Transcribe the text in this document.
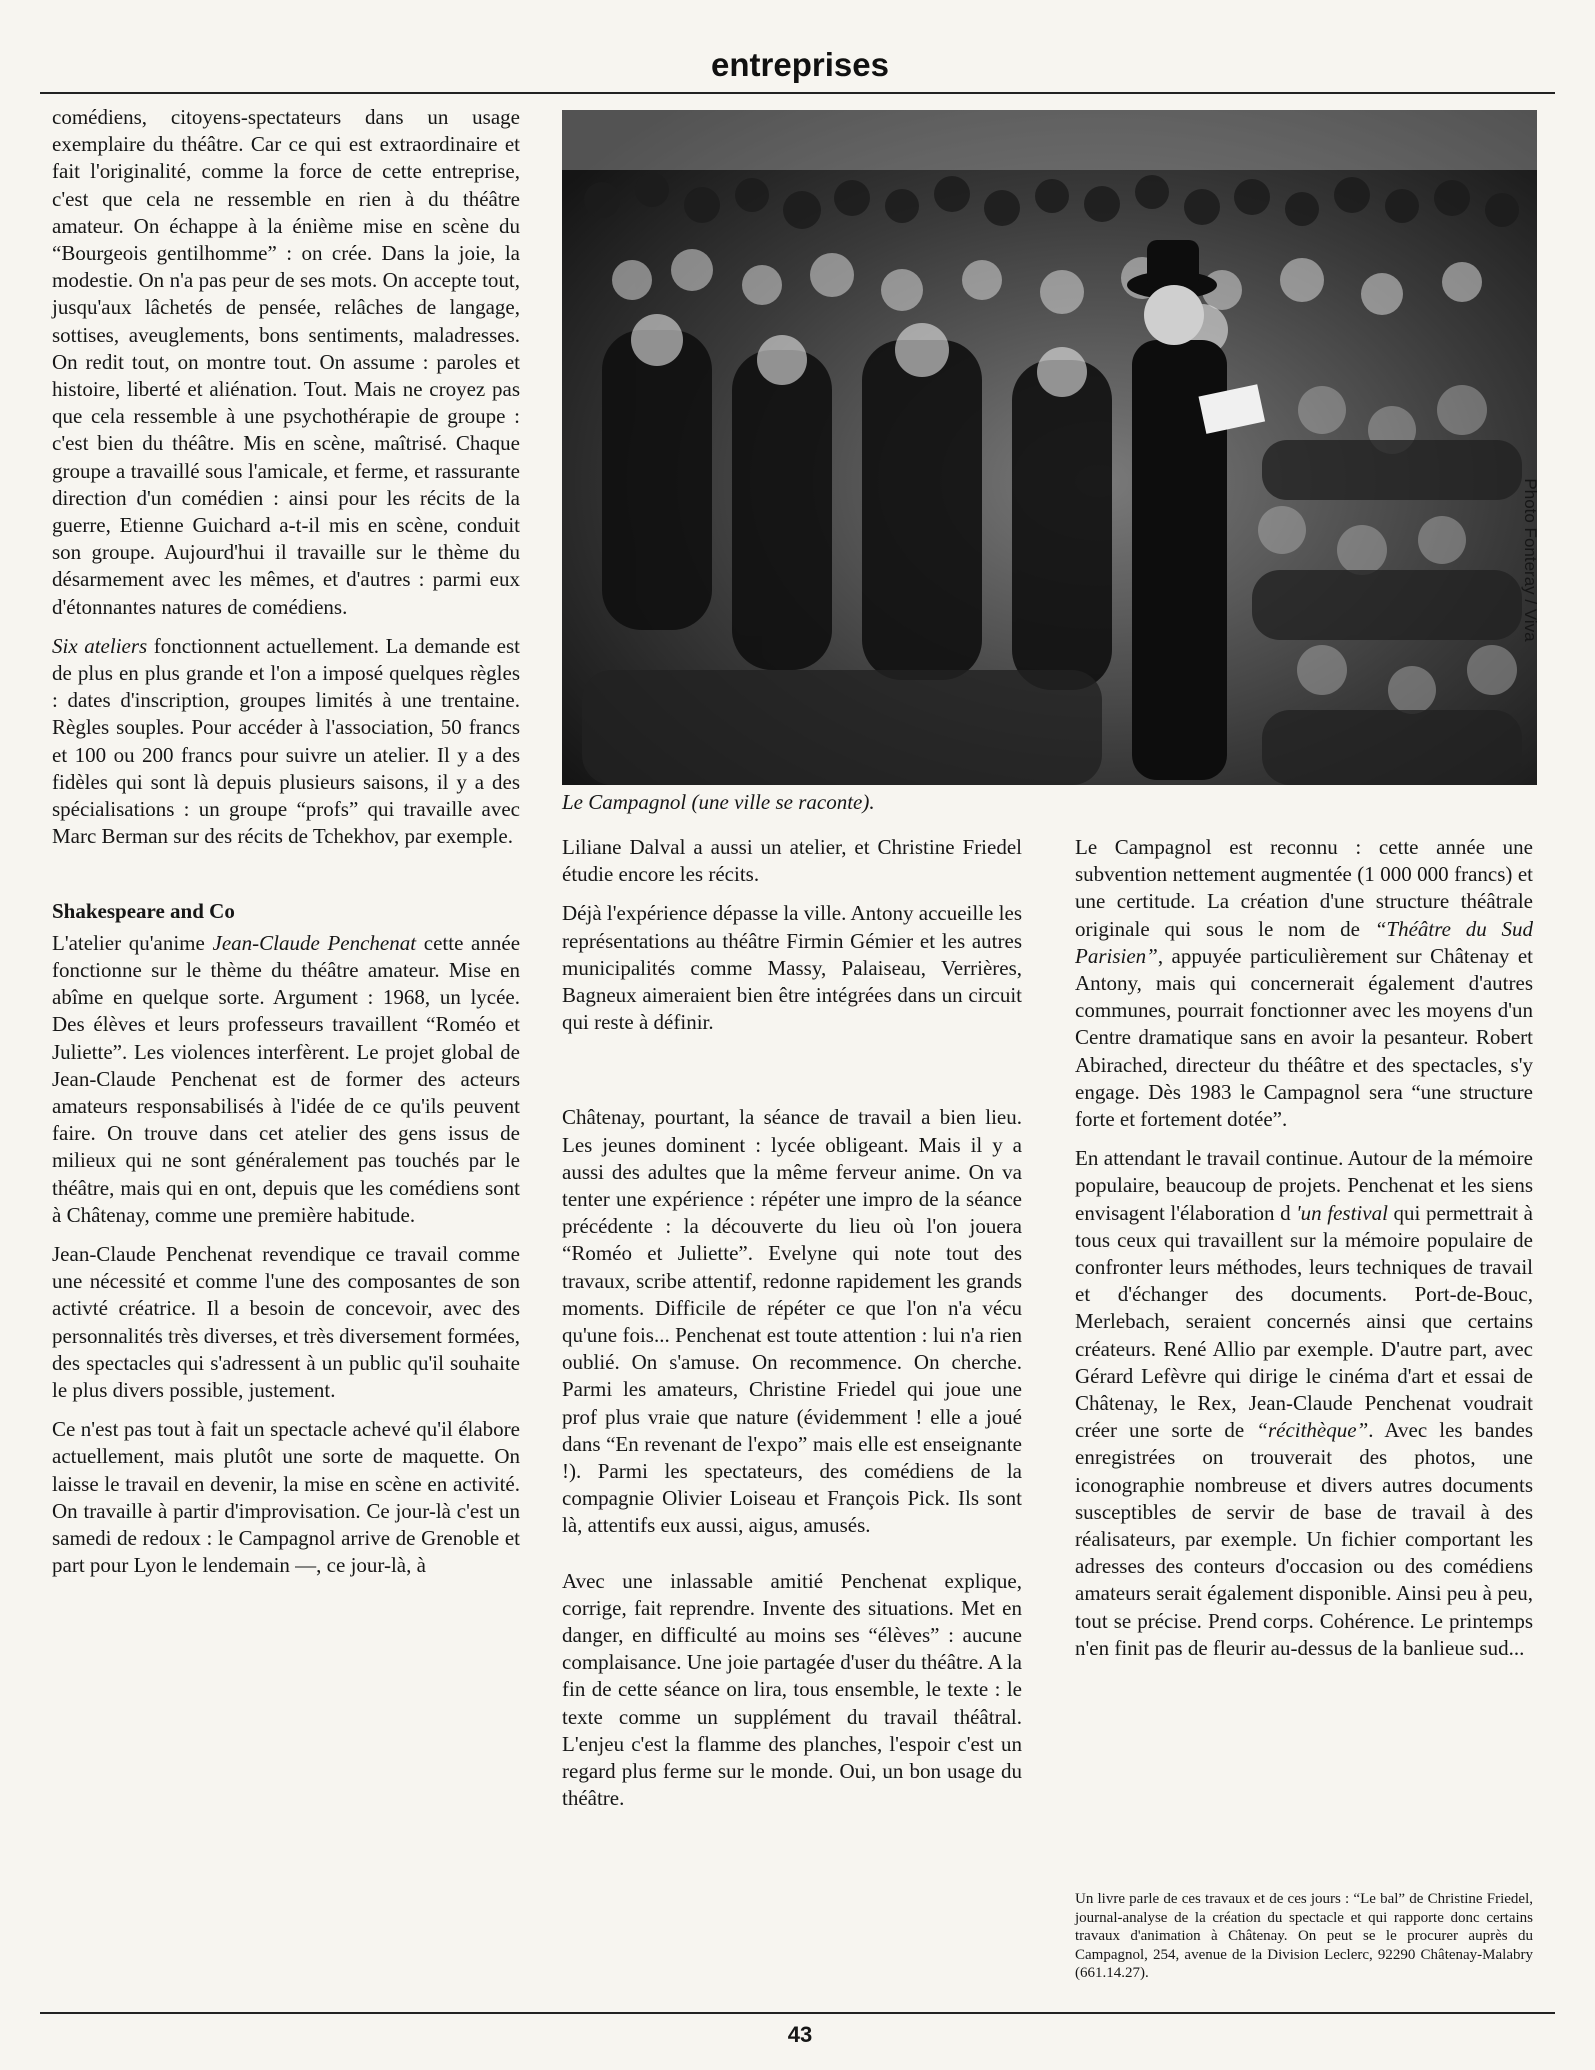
entreprises

comédiens, citoyens-spectateurs dans un usage exemplaire du théâtre. Car ce qui est extraordinaire et fait l'originalité, comme la force de cette entreprise, c'est que cela ne ressemble en rien à du théâtre amateur. On échappe à la énième mise en scène du “Bourgeois gentilhomme” : on crée. Dans la joie, la modestie. On n'a pas peur de ses mots. On accepte tout, jusqu'aux lâchetés de pensée, relâches de langage, sottises, aveuglements, bons sentiments, maladresses. On redit tout, on montre tout. On assume : paroles et histoire, liberté et aliénation. Tout. Mais ne croyez pas que cela ressemble à une psychothérapie de groupe : c'est bien du théâtre. Mis en scène, maîtrisé. Chaque groupe a travaillé sous l'amicale, et ferme, et rassurante direction d'un comédien : ainsi pour les récits de la guerre, Etienne Guichard a-t-il mis en scène, conduit son groupe. Aujourd'hui il travaille sur le thème du désarmement avec les mêmes, et d'autres : parmi eux d'étonnantes natures de comédiens.

Six ateliers fonctionnent actuellement. La demande est de plus en plus grande et l'on a imposé quelques règles : dates d'inscription, groupes limités à une trentaine. Règles souples. Pour accéder à l'association, 50 francs et 100 ou 200 francs pour suivre un atelier. Il y a des fidèles qui sont là depuis plusieurs saisons, il y a des spécialisations : un groupe “profs” qui travaille avec Marc Berman sur des récits de Tchekhov, par exemple.

Shakespeare and Co

L'atelier qu'anime Jean-Claude Penchenat cette année fonctionne sur le thème du théâtre amateur. Mise en abîme en quelque sorte. Argument : 1968, un lycée. Des élèves et leurs professeurs travaillent “Roméo et Juliette”. Les violences interfèrent. Le projet global de Jean-Claude Penchenat est de former des acteurs amateurs responsabilisés à l'idée de ce qu'ils peuvent faire. On trouve dans cet atelier des gens issus de milieux qui ne sont généralement pas touchés par le théâtre, mais qui en ont, depuis que les comédiens sont à Châtenay, comme une première habitude.

Jean-Claude Penchenat revendique ce travail comme une nécessité et comme l'une des composantes de son activté créatrice. Il a besoin de concevoir, avec des personnalités très diverses, et très diversement formées, des spectacles qui s'adressent à un public qu'il souhaite le plus divers possible, justement.

Ce n'est pas tout à fait un spectacle achevé qu'il élabore actuellement, mais plutôt une sorte de maquette. On laisse le travail en devenir, la mise en scène en activité. On travaille à partir d'improvisation. Ce jour-là c'est un samedi de redoux : le Campagnol arrive de Grenoble et part pour Lyon le lendemain —, ce jour-là, à

Le Campagnol (une ville se raconte).
Photo Fonteray / Viva

Liliane Dalval a aussi un atelier, et Christine Friedel étudie encore les récits.

Déjà l'expérience dépasse la ville. Antony accueille les représentations au théâtre Firmin Gémier et les autres municipalités comme Massy, Palaiseau, Verrières, Bagneux aimeraient bien être intégrées dans un circuit qui reste à définir.

Châtenay, pourtant, la séance de travail a bien lieu. Les jeunes dominent : lycée obligeant. Mais il y a aussi des adultes que la même ferveur anime. On va tenter une expérience : répéter une impro de la séance précédente : la découverte du lieu où l'on jouera “Roméo et Juliette”. Evelyne qui note tout des travaux, scribe attentif, redonne rapidement les grands moments. Difficile de répéter ce que l'on n'a vécu qu'une fois... Penchenat est toute attention : lui n'a rien oublié. On s'amuse. On recommence. On cherche. Parmi les amateurs, Christine Friedel qui joue une prof plus vraie que nature (évidemment ! elle a joué dans “En revenant de l'expo” mais elle est enseignante !). Parmi les spectateurs, des comédiens de la compagnie Olivier Loiseau et François Pick. Ils sont là, attentifs eux aussi, aigus, amusés.

Avec une inlassable amitié Penchenat explique, corrige, fait reprendre. Invente des situations. Met en danger, en difficulté au moins ses “élèves” : aucune complaisance. Une joie partagée d'user du théâtre. A la fin de cette séance on lira, tous ensemble, le texte : le texte comme un supplément du travail théâtral. L'enjeu c'est la flamme des planches, l'espoir c'est un regard plus ferme sur le monde. Oui, un bon usage du théâtre.

Le Campagnol est reconnu : cette année une subvention nettement augmentée (1 000 000 francs) et une certitude. La création d'une structure théâtrale originale qui sous le nom de “Théâtre du Sud Parisien”, appuyée particulièrement sur Châtenay et Antony, mais qui concernerait également d'autres communes, pourrait fonctionner avec les moyens d'un Centre dramatique sans en avoir la pesanteur. Robert Abirached, directeur du théâtre et des spectacles, s'y engage. Dès 1983 le Campagnol sera “une structure forte et fortement dotée”.

En attendant le travail continue. Autour de la mémoire populaire, beaucoup de projets. Penchenat et les siens envisagent l'élaboration d 'un festival qui permettrait à tous ceux qui travaillent sur la mémoire populaire de confronter leurs méthodes, leurs techniques de travail et d'échanger des documents. Port-de-Bouc, Merlebach, seraient concernés ainsi que certains créateurs. René Allio par exemple. D'autre part, avec Gérard Lefèvre qui dirige le cinéma d'art et essai de Châtenay, le Rex, Jean-Claude Penchenat voudrait créer une sorte de “récithèque”. Avec les bandes enregistrées on trouverait des photos, une iconographie nombreuse et divers autres documents susceptibles de servir de base de travail à des réalisateurs, par exemple. Un fichier comportant les adresses des conteurs d'occasion ou des comédiens amateurs serait également disponible. Ainsi peu à peu, tout se précise. Prend corps. Cohérence. Le printemps n'en finit pas de fleurir au-dessus de la banlieue sud...

Un livre parle de ces travaux et de ces jours : “Le bal” de Christine Friedel, journal-analyse de la création du spectacle et qui rapporte donc certains travaux d'animation à Châtenay. On peut se le procurer auprès du Campagnol, 254, avenue de la Division Leclerc, 92290 Châtenay-Malabry (661.14.27).
43
